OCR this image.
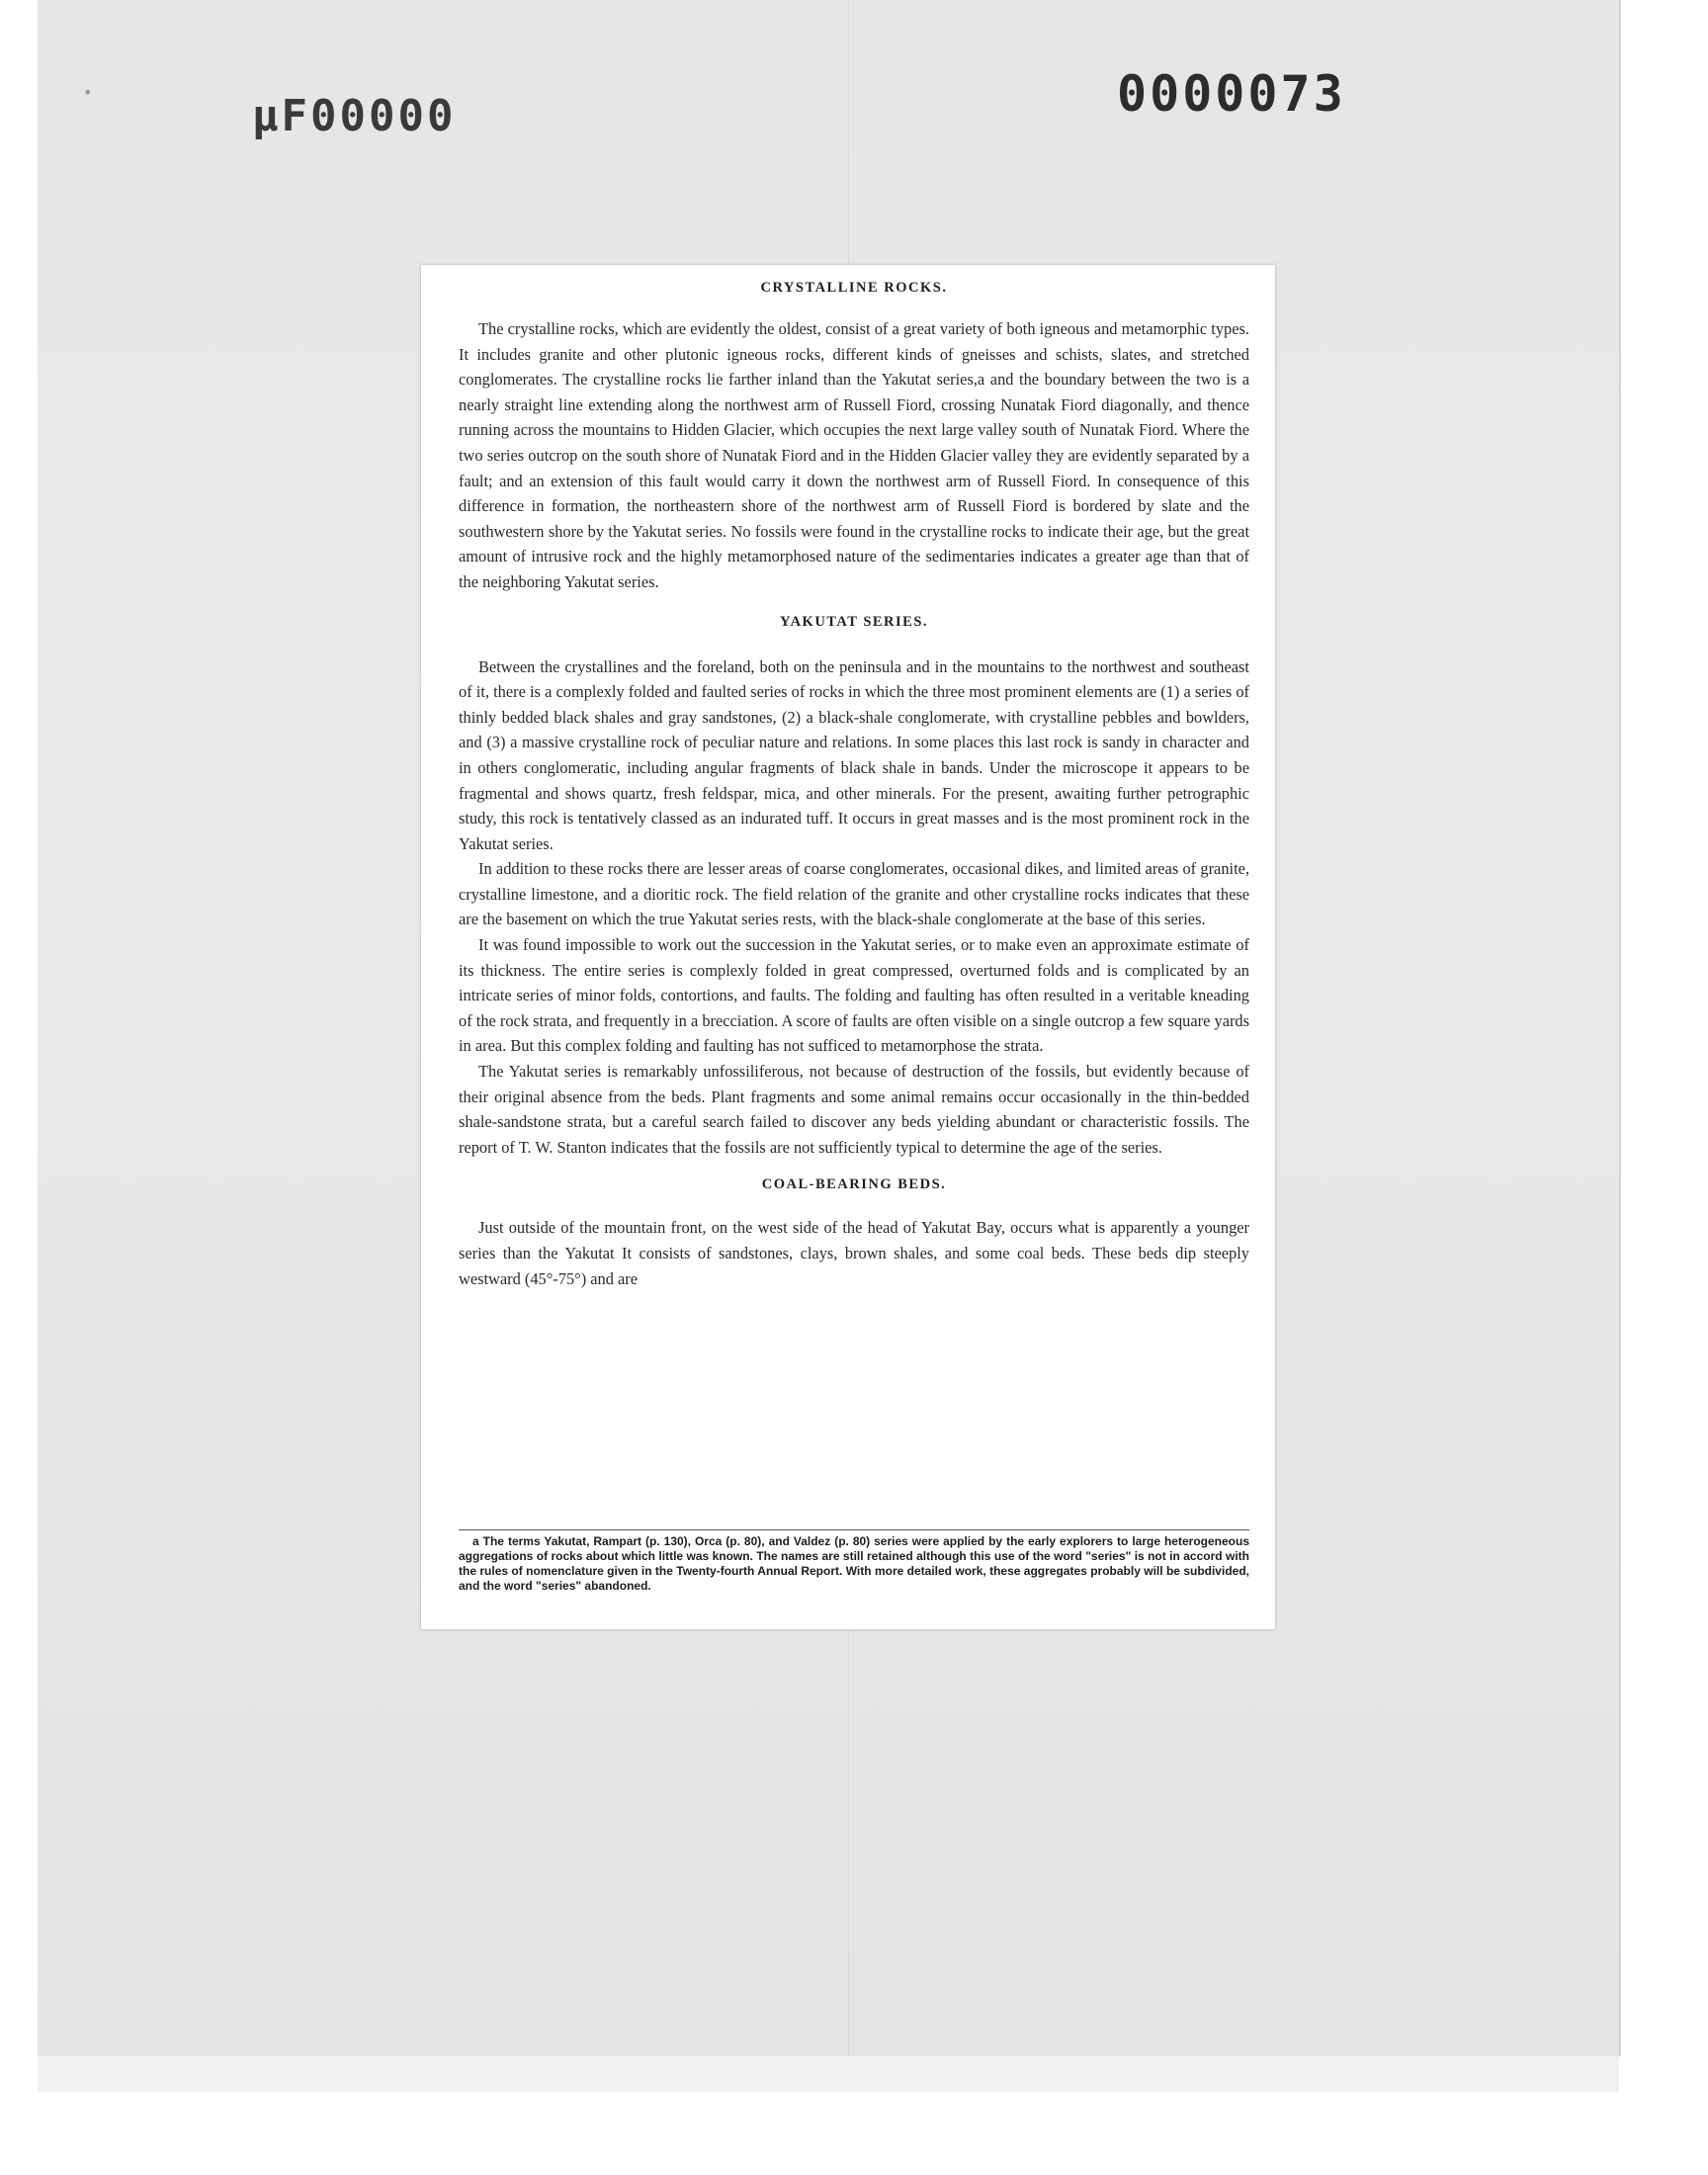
•	µF00000	0000073
CRYSTALLINE ROCKS.

The crystalline rocks, which are evidently the oldest, consist of a great variety of both igneous and metamorphic types. It includes granite and other plutonic igneous rocks, different kinds of gneisses and schists, slates, and stretched conglomerates. The crystalline rocks lie farther inland than the Yakutat series,a and the boundary between the two is a nearly straight line extending along the northwest arm of Russell Fiord, crossing Nunatak Fiord diagonally, and thence running across the mountains to Hidden Glacier, which occupies the next large valley south of Nunatak Fiord. Where the two series outcrop on the south shore of Nunatak Fiord and in the Hidden Glacier valley they are evidently separated by a fault; and an extension of this fault would carry it down the northwest arm of Russell Fiord. In consequence of this difference in formation, the northeastern shore of the northwest arm of Russell Fiord is bordered by slate and the southwestern shore by the Yakutat series. No fossils were found in the crystalline rocks to indicate their age, but the great amount of intrusive rock and the highly metamorphosed nature of the sedimentaries indicates a greater age than that of the neighboring Yakutat series.

YAKUTAT SERIES.

Between the crystallines and the foreland, both on the peninsula and in the mountains to the northwest and southeast of it, there is a complexly folded and faulted series of rocks in which the three most prominent elements are (1) a series of thinly bedded black shales and gray sandstones, (2) a black-shale conglomerate, with crystalline pebbles and bowlders, and (3) a massive crystalline rock of peculiar nature and relations. In some places this last rock is sandy in character and in others conglomeratic, including angular fragments of black shale in bands. Under the microscope it appears to be fragmental and shows quartz, fresh feldspar, mica, and other minerals. For the present, awaiting further petrographic study, this rock is tentatively classed as an indurated tuff. It occurs in great masses and is the most prominent rock in the Yakutat series.

In addition to these rocks there are lesser areas of coarse conglomerates, occasional dikes, and limited areas of granite, crystalline limestone, and a dioritic rock. The field relation of the granite and other crystalline rocks indicates that these are the basement on which the true Yakutat series rests, with the black-shale conglomerate at the base of this series.

It was found impossible to work out the succession in the Yakutat series, or to make even an approximate estimate of its thickness. The entire series is complexly folded in great compressed, overturned folds and is complicated by an intricate series of minor folds, contortions, and faults. The folding and faulting has often resulted in a veritable kneading of the rock strata, and frequently in a brecciation. A score of faults are often visible on a single outcrop a few square yards in area. But this complex folding and faulting has not sufficed to metamorphose the strata.

The Yakutat series is remarkably unfossiliferous, not because of destruction of the fossils, but evidently because of their original absence from the beds. Plant fragments and some animal remains occur occasionally in the thin-bedded shale-sandstone strata, but a careful search failed to discover any beds yielding abundant or characteristic fossils. The report of T. W. Stanton indicates that the fossils are not sufficiently typical to determine the age of the series.

COAL-BEARING BEDS.

Just outside of the mountain front, on the west side of the head of Yakutat Bay, occurs what is apparently a younger series than the Yakutat It consists of sandstones, clays, brown shales, and some coal beds. These beds dip steeply westward (45°-75°) and are

a The terms Yakutat, Rampart (p. 130), Orca (p. 80), and Valdez (p. 80) series were applied by the early explorers to large heterogeneous aggregations of rocks about which little was known. The names are still retained although this use of the word "series" is not in accord with the rules of nomenclature given in the Twenty-fourth Annual Report. With more detailed work, these aggregates probably will be subdivided, and the word "series" abandoned.
